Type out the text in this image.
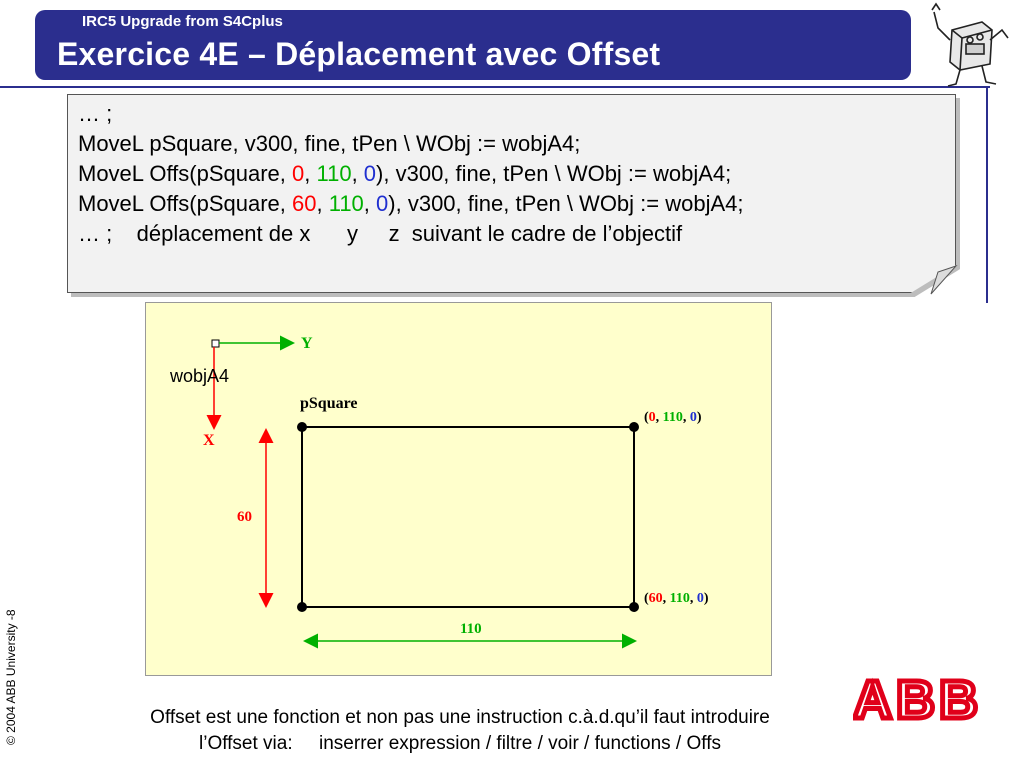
IRC5 Upgrade from S4Cplus
Exercice 4E – Déplacement avec Offset
… ;
MoveL pSquare, v300, fine, tPen \ WObj := wobjA4;
MoveL Offs(pSquare, 0, 110, 0), v300, fine, tPen \ WObj := wobjA4;
MoveL Offs(pSquare, 60, 110, 0), v300, fine, tPen \ WObj := wobjA4;
… ;    déplacement de x      y     z  suivant le cadre de l’objectif
Y
X
wobjA4
pSquare
(0, 110, 0)
(60, 110, 0)
60
110
© 2004 ABB University -8	ABB
Offset est une fonction et non pas une instruction c.à.d.qu’il faut introduire
l’Offset via:     inserrer expression / filtre / voir / functions / Offs
